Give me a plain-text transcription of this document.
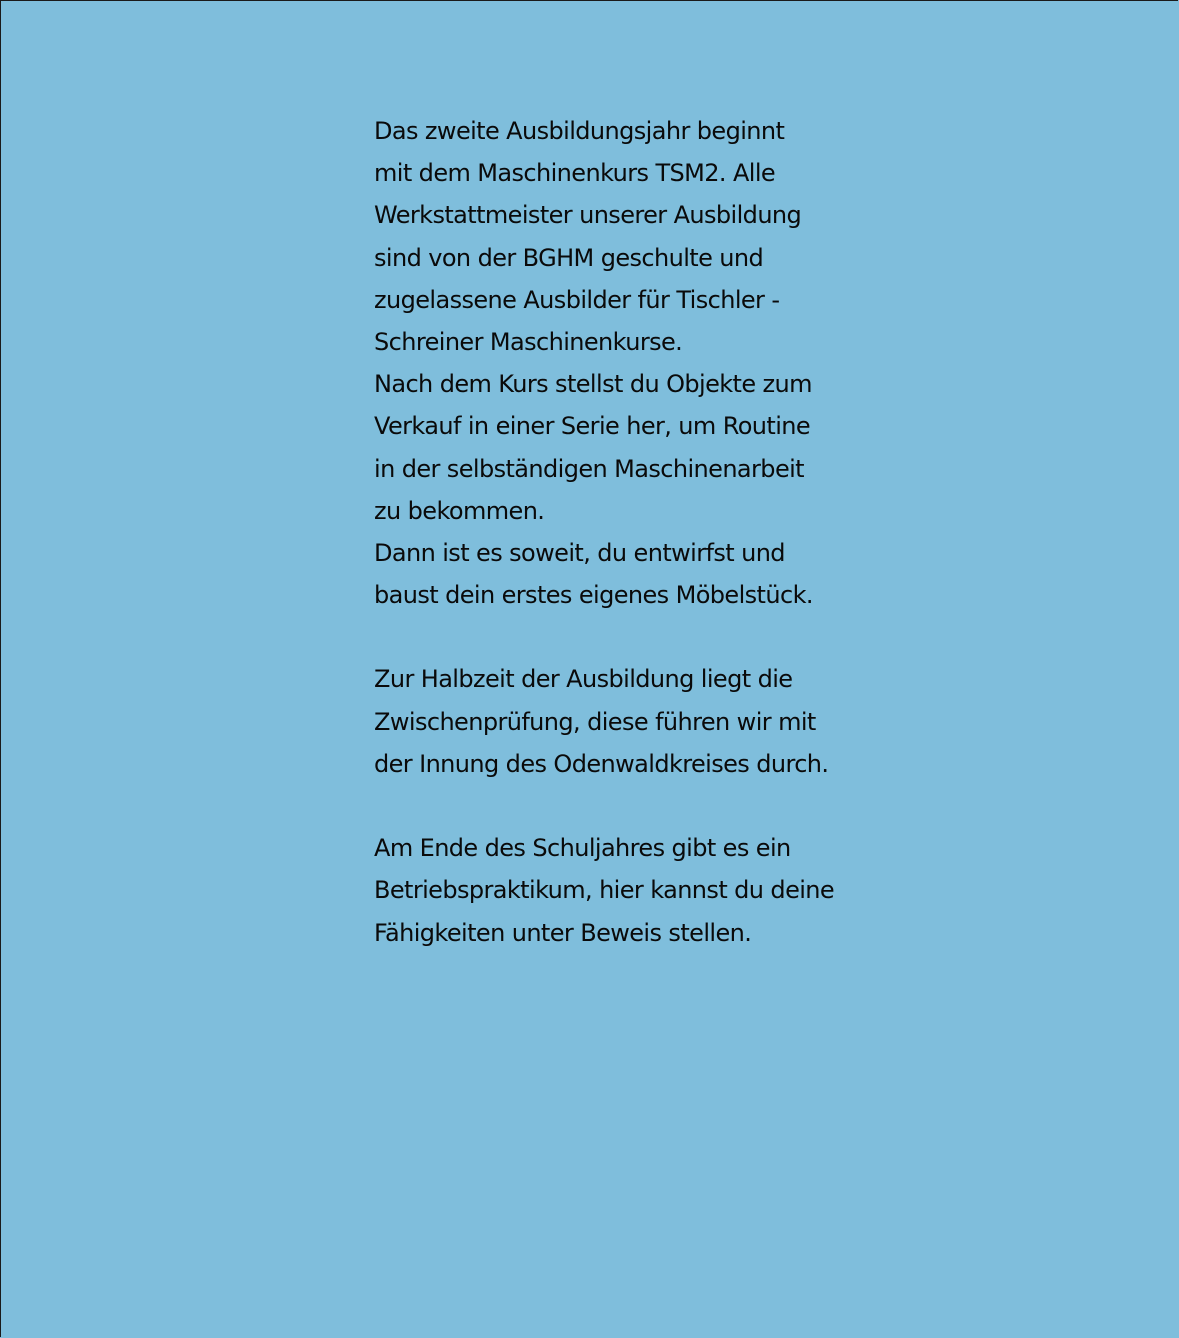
Das zweite Ausbildungsjahr beginnt
mit dem Maschinenkurs TSM2. Alle
Werkstattmeister unserer Ausbildung
sind von der BGHM geschulte und
zugelassene Ausbilder für Tischler -
Schreiner Maschinenkurse.
Nach dem Kurs stellst du Objekte zum
Verkauf in einer Serie her, um Routine
in der selbständigen Maschinenarbeit
zu bekommen.
Dann ist es soweit, du entwirfst und
baust dein erstes eigenes Möbelstück.
Zur Halbzeit der Ausbildung liegt die
Zwischenprüfung, diese führen wir mit
der Innung des Odenwaldkreises durch.
Am Ende des Schuljahres gibt es ein
Betriebspraktikum, hier kannst du deine
Fähigkeiten unter Beweis stellen.
